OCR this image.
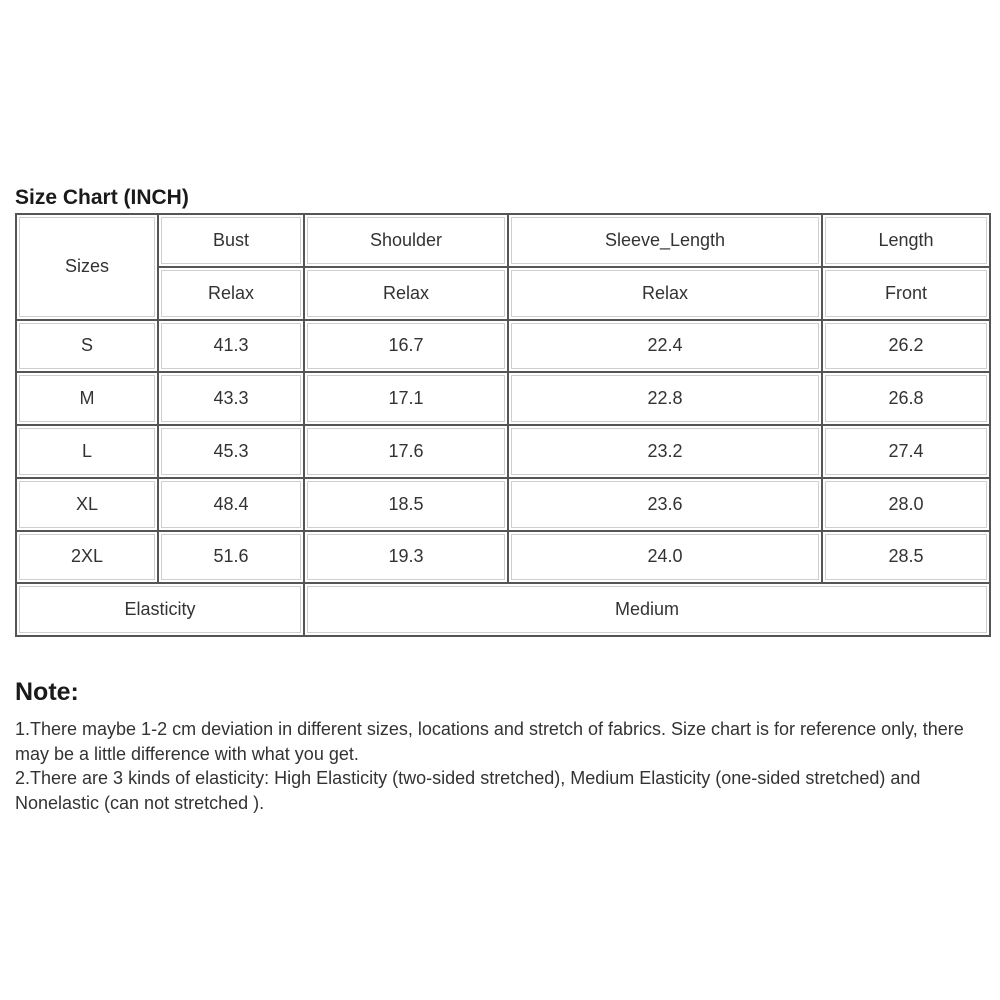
Size Chart (INCH)
Sizes	Bust	Shoulder	Sleeve_Length	Length
	Relax	Relax	Relax	Front
S	41.3	16.7	22.4	26.2
M	43.3	17.1	22.8	26.8
L	45.3	17.6	23.2	27.4
XL	48.4	18.5	23.6	28.0
2XL	51.6	19.3	24.0	28.5
Elasticity		Medium		
Note:

1.There maybe 1-2 cm deviation in different sizes, locations and stretch of fabrics. Size chart is for reference only, there may be a little difference with what you get.

2.There are 3 kinds of elasticity: High Elasticity (two-sided stretched), Medium Elasticity (one-sided stretched) and Nonelastic (can not stretched ).
